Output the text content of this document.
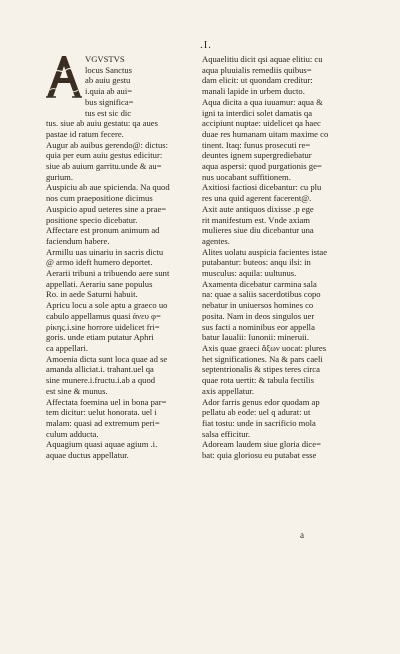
.I.
VGVSTVS
locus Sanctus
ab auiu gestu
i.quia ab aui=
bus significa=
tus est sic dic
tus. siue ab auiu gestatu: qa aues
pastae id ratum fecere.
Augur ab auibus gerendo@: dictus:
quia per eum auiu gestus edicitur:
siue ab auium garritu.unde & au=
gurium.
Auspiciu ab aue spicienda. Na quod
nos cum praepositione dicimus
Auspicio apud ueteres sine a prae=
positione specio dicebatur.
Affectare est pronum animum ad
faciendum habere.
Armillu uas uinariu in sacris dictu
@ armo ideft humero deportet.
Aerarii tribuni a tribuendo aere sunt
appellati. Aerariu sane populus
Ro. in aede Saturni habuit.
Apricu locu a sole aptu a graeco uo
cabulo appellamus quasi ἀνευ φ=
ρίκης.i.sine horrore uidelicet fri=
goris. unde etiam putatur Aphri
ca appellari.
Amoenia dicta sunt loca quae ad se
amanda alliciat.i. trahant.uel qa
sine munere.i.fructu.i.ab a quod
est sine & munus.
Affectata foemina uel in bona par=
tem dicitur: uelut honorata. uel i
malam: quasi ad extremum peri=
culum adducta.
Aquagium quasi aquae agium .i.
aquae ductus appellatur.
Aquaelitiu dicit qsi aquae elitiu: cu
aqua pluuialis remediis quibus=
dam elicit: ut quondam creditur:
manali lapide in urbem ducto.
Aqua dicita a qua iuuamur: aqua &
igni ta interdici solet damatis qa
accipiunt nuptae: uidelicet qa haec
duae res humanam uitam maxime co
tinent. Itaq: funus prosecuti re=
deuntes ignem supergrediebatur
aqua aspersi: quod purgationis ge=
nus uocabant suffitionem.
Axitiosi factiosi dicebantur: cu plu
res una quid agerent facerent@.
Axit aute antiquos dixisse .p ege
rit manifestum est. Vnde axiam
mulieres siue diu dicebantur una
agentes.
Alites uolatu auspicia facientes istae
putabantur: buteos: anqu ilsi: in
musculus: aquila: uultunus.
Axamenta dicebatur carmina sala
na: quae a saliis sacerdotibus copo
nebatur in uniuersos homines co
posita. Nam in deos singulos uer
sus facti a nominibus eor appella
batur Iaualii: Iunonii: mineruii.
Axis quae graeci ἄξων uocat: plures
het significationes. Na & pars caeli
septentrionalis & stipes teres circa
quae rota uertit: & tabula fectilis
axis appellatur.
Ador farris genus edor quodam ap
pellatu ab eode: uel q adurat: ut
fiat tostu: unde in sacrificio mola
salsa efficitur.
Adoream laudem siue gloria dice=
bat: quia gloriosu eu putabat esse
a
